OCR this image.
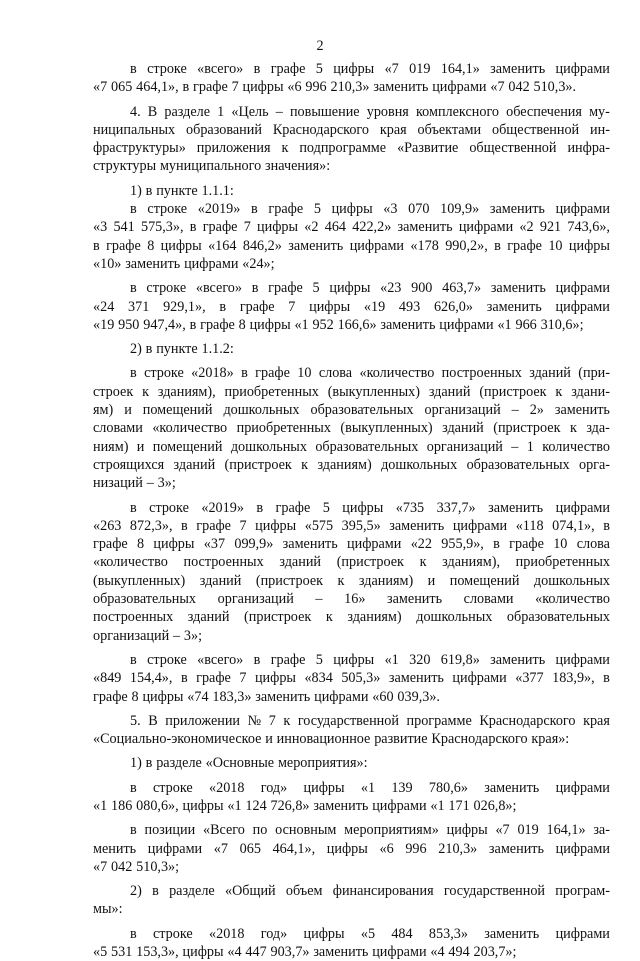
2
в строке «всего» в графе 5 цифры «7 019 164,1» заменить цифрами
«7 065 464,1», в графе 7 цифры «6 996 210,3» заменить цифрами «7 042 510,3».
4. В разделе 1 «Цель – повышение уровня комплексного обеспечения му-
ниципальных образований Краснодарского края объектами общественной ин-
фраструктуры» приложения к подпрограмме «Развитие общественной инфра-
структуры муниципального значения»:
1) в пункте 1.1.1:
в строке «2019» в графе 5 цифры «3 070 109,9» заменить цифрами
«3 541 575,3», в графе 7 цифры «2 464 422,2» заменить цифрами «2 921 743,6»,
в графе 8 цифры «164 846,2» заменить цифрами «178 990,2», в графе 10 цифры
«10» заменить цифрами «24»;
в строке «всего» в графе 5 цифры «23 900 463,7» заменить цифрами
«24 371 929,1», в графе 7 цифры «19 493 626,0» заменить цифрами
«19 950 947,4», в графе 8 цифры «1 952 166,6» заменить цифрами «1 966 310,6»;
2) в пункте 1.1.2:
в строке «2018» в графе 10 слова «количество построенных зданий (при-
строек к зданиям), приобретенных (выкупленных) зданий (пристроек к здани-
ям) и помещений дошкольных образовательных организаций – 2» заменить
словами «количество приобретенных (выкупленных) зданий (пристроек к зда-
ниям) и помещений дошкольных образовательных организаций – 1 количество
строящихся зданий (пристроек к зданиям) дошкольных образовательных орга-
низаций – 3»;
в строке «2019» в графе 5 цифры «735 337,7» заменить цифрами
«263 872,3», в графе 7 цифры «575 395,5» заменить цифрами «118 074,1», в
графе 8 цифры «37 099,9» заменить цифрами «22 955,9», в графе 10 слова
«количество построенных зданий (пристроек к зданиям), приобретенных
(выкупленных) зданий (пристроек к зданиям) и помещений дошкольных
образовательных организаций – 16» заменить словами «количество
построенных зданий (пристроек к зданиям) дошкольных образовательных
организаций – 3»;
в строке «всего» в графе 5 цифры «1 320 619,8» заменить цифрами
«849 154,4», в графе 7 цифры «834 505,3» заменить цифрами «377 183,9», в
графе 8 цифры «74 183,3» заменить цифрами «60 039,3».
5. В приложении № 7 к государственной программе Краснодарского края
«Социально-экономическое и инновационное развитие Краснодарского края»:
1) в разделе «Основные мероприятия»:
в строке «2018 год» цифры «1 139 780,6» заменить цифрами
«1 186 080,6», цифры «1 124 726,8» заменить цифрами «1 171 026,8»;
в позиции «Всего по основным мероприятиям» цифры «7 019 164,1» за-
менить цифрами «7 065 464,1», цифры «6 996 210,3» заменить цифрами
«7 042 510,3»;
2) в разделе «Общий объем финансирования государственной програм-
мы»:
в строке «2018 год» цифры «5 484 853,3» заменить цифрами
«5 531 153,3», цифры «4 447 903,7» заменить цифрами «4 494 203,7»;
